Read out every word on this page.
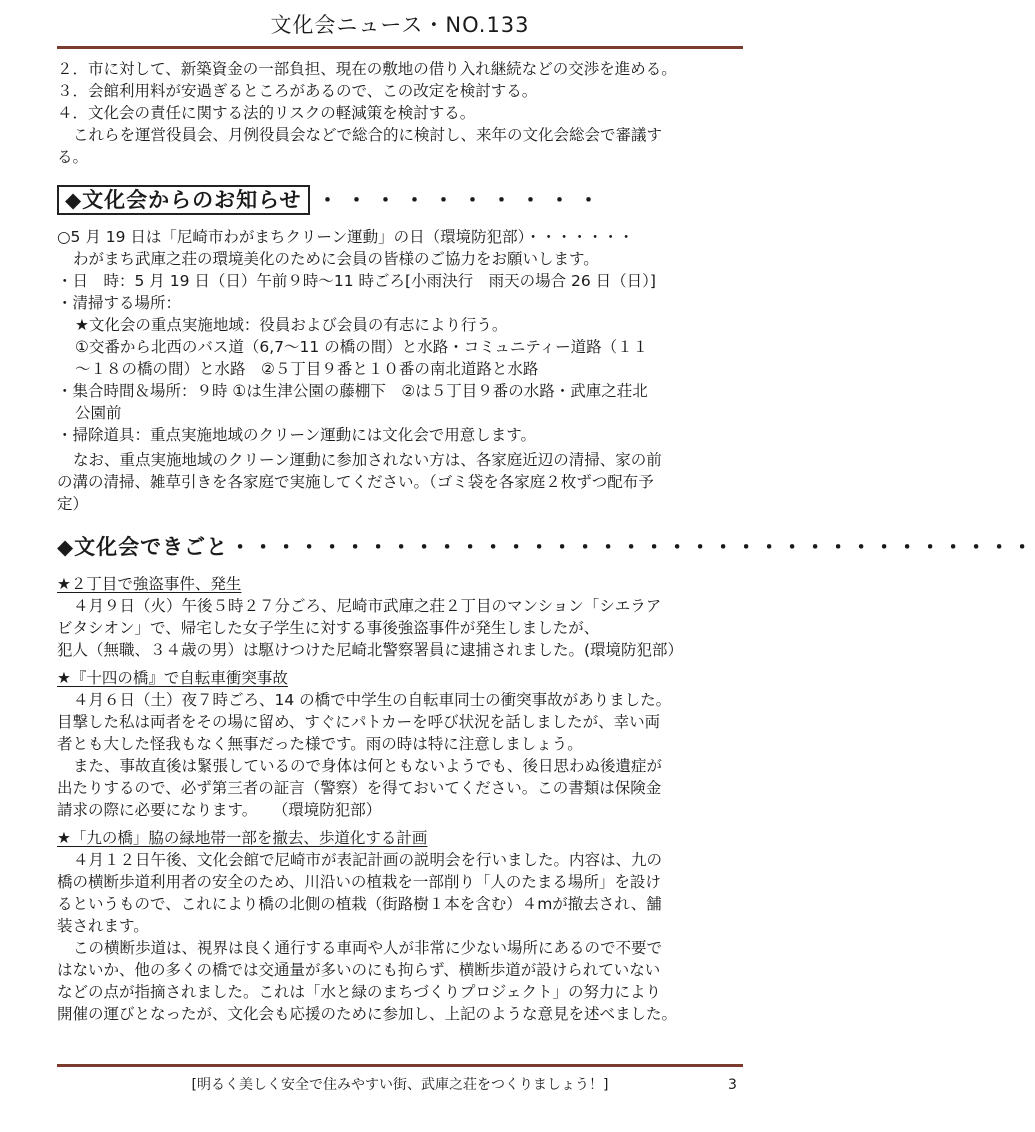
文化会ニュース・NO.133
２．市に対して、新築資金の一部負担、現在の敷地の借り入れ継続などの交渉を進める。
３．会館利用料が安過ぎるところがあるので、この改定を検討する。
４．文化会の責任に関する法的リスクの軽減策を検討する。
これらを運営役員会、月例役員会などで総合的に検討し、来年の文化会総会で審議す
る。
◆文化会からのお知らせ ・・・・・・・・・・
○5 月 19 日は「尼崎市わがまちクリーン運動」の日（環境防犯部）・・・・・・・
わがまち武庫之荘の環境美化のために会員の皆様のご協力をお願いします。
・日　時：5 月 19 日（日）午前９時～11 時ごろ[小雨決行　雨天の場合 26 日（日）]
・清掃する場所：
★文化会の重点実施地域：役員および会員の有志により行う。
①交番から北西のバス道（6,7～11 の橋の間）と水路・コミュニティー道路（１１
～１８の橋の間）と水路　②５丁目９番と１０番の南北道路と水路
・集合時間＆場所：９時 ①は生津公園の藤棚下　②は５丁目９番の水路・武庫之荘北
公園前
・掃除道具：重点実施地域のクリーン運動には文化会で用意します。
なお、重点実施地域のクリーン運動に参加されない方は、各家庭近辺の清掃、家の前
の溝の清掃、雑草引きを各家庭で実施してください。（ゴミ袋を各家庭２枚ずつ配布予
定）
◆文化会できごと ・・・・・・・・・・・・・・・・・・・・・・・・・・・・・・・・・・・
★２丁目で強盗事件、発生
４月９日（火）午後５時２７分ごろ、尼崎市武庫之荘２丁目のマンション「シエラア
ビタシオン」で、帰宅した女子学生に対する事後強盗事件が発生しましたが、
犯人（無職、３４歳の男）は駆けつけた尼崎北警察署員に逮捕されました。(環境防犯部）
★『十四の橋』で自転車衝突事故
４月６日（土）夜７時ごろ、14 の橋で中学生の自転車同士の衝突事故がありました。
目撃した私は両者をその場に留め、すぐにパトカーを呼び状況を話しましたが、幸い両
者とも大した怪我もなく無事だった様です。雨の時は特に注意しましょう。
また、事故直後は緊張しているので身体は何ともないようでも、後日思わぬ後遺症が
出たりするので、必ず第三者の証言（警察）を得ておいてください。この書類は保険金
請求の際に必要になります。　　（環境防犯部）
★「九の橋」脇の緑地帯一部を撤去、歩道化する計画
４月１２日午後、文化会館で尼崎市が表記計画の説明会を行いました。内容は、九の
橋の横断歩道利用者の安全のため、川沿いの植栽を一部削り「人のたまる場所」を設け
るというもので、これにより橋の北側の植栽（街路樹１本を含む）４mが撤去され、舗
装されます。
この横断歩道は、視界は良く通行する車両や人が非常に少ない場所にあるので不要で
はないか、他の多くの橋では交通量が多いのにも拘らず、横断歩道が設けられていない
などの点が指摘されました。これは「水と緑のまちづくりプロジェクト」の努力により
開催の運びとなったが、文化会も応援のために参加し、上記のような意見を述べました。
[明るく美しく安全で住みやすい街、武庫之荘をつくりましょう！]	3
